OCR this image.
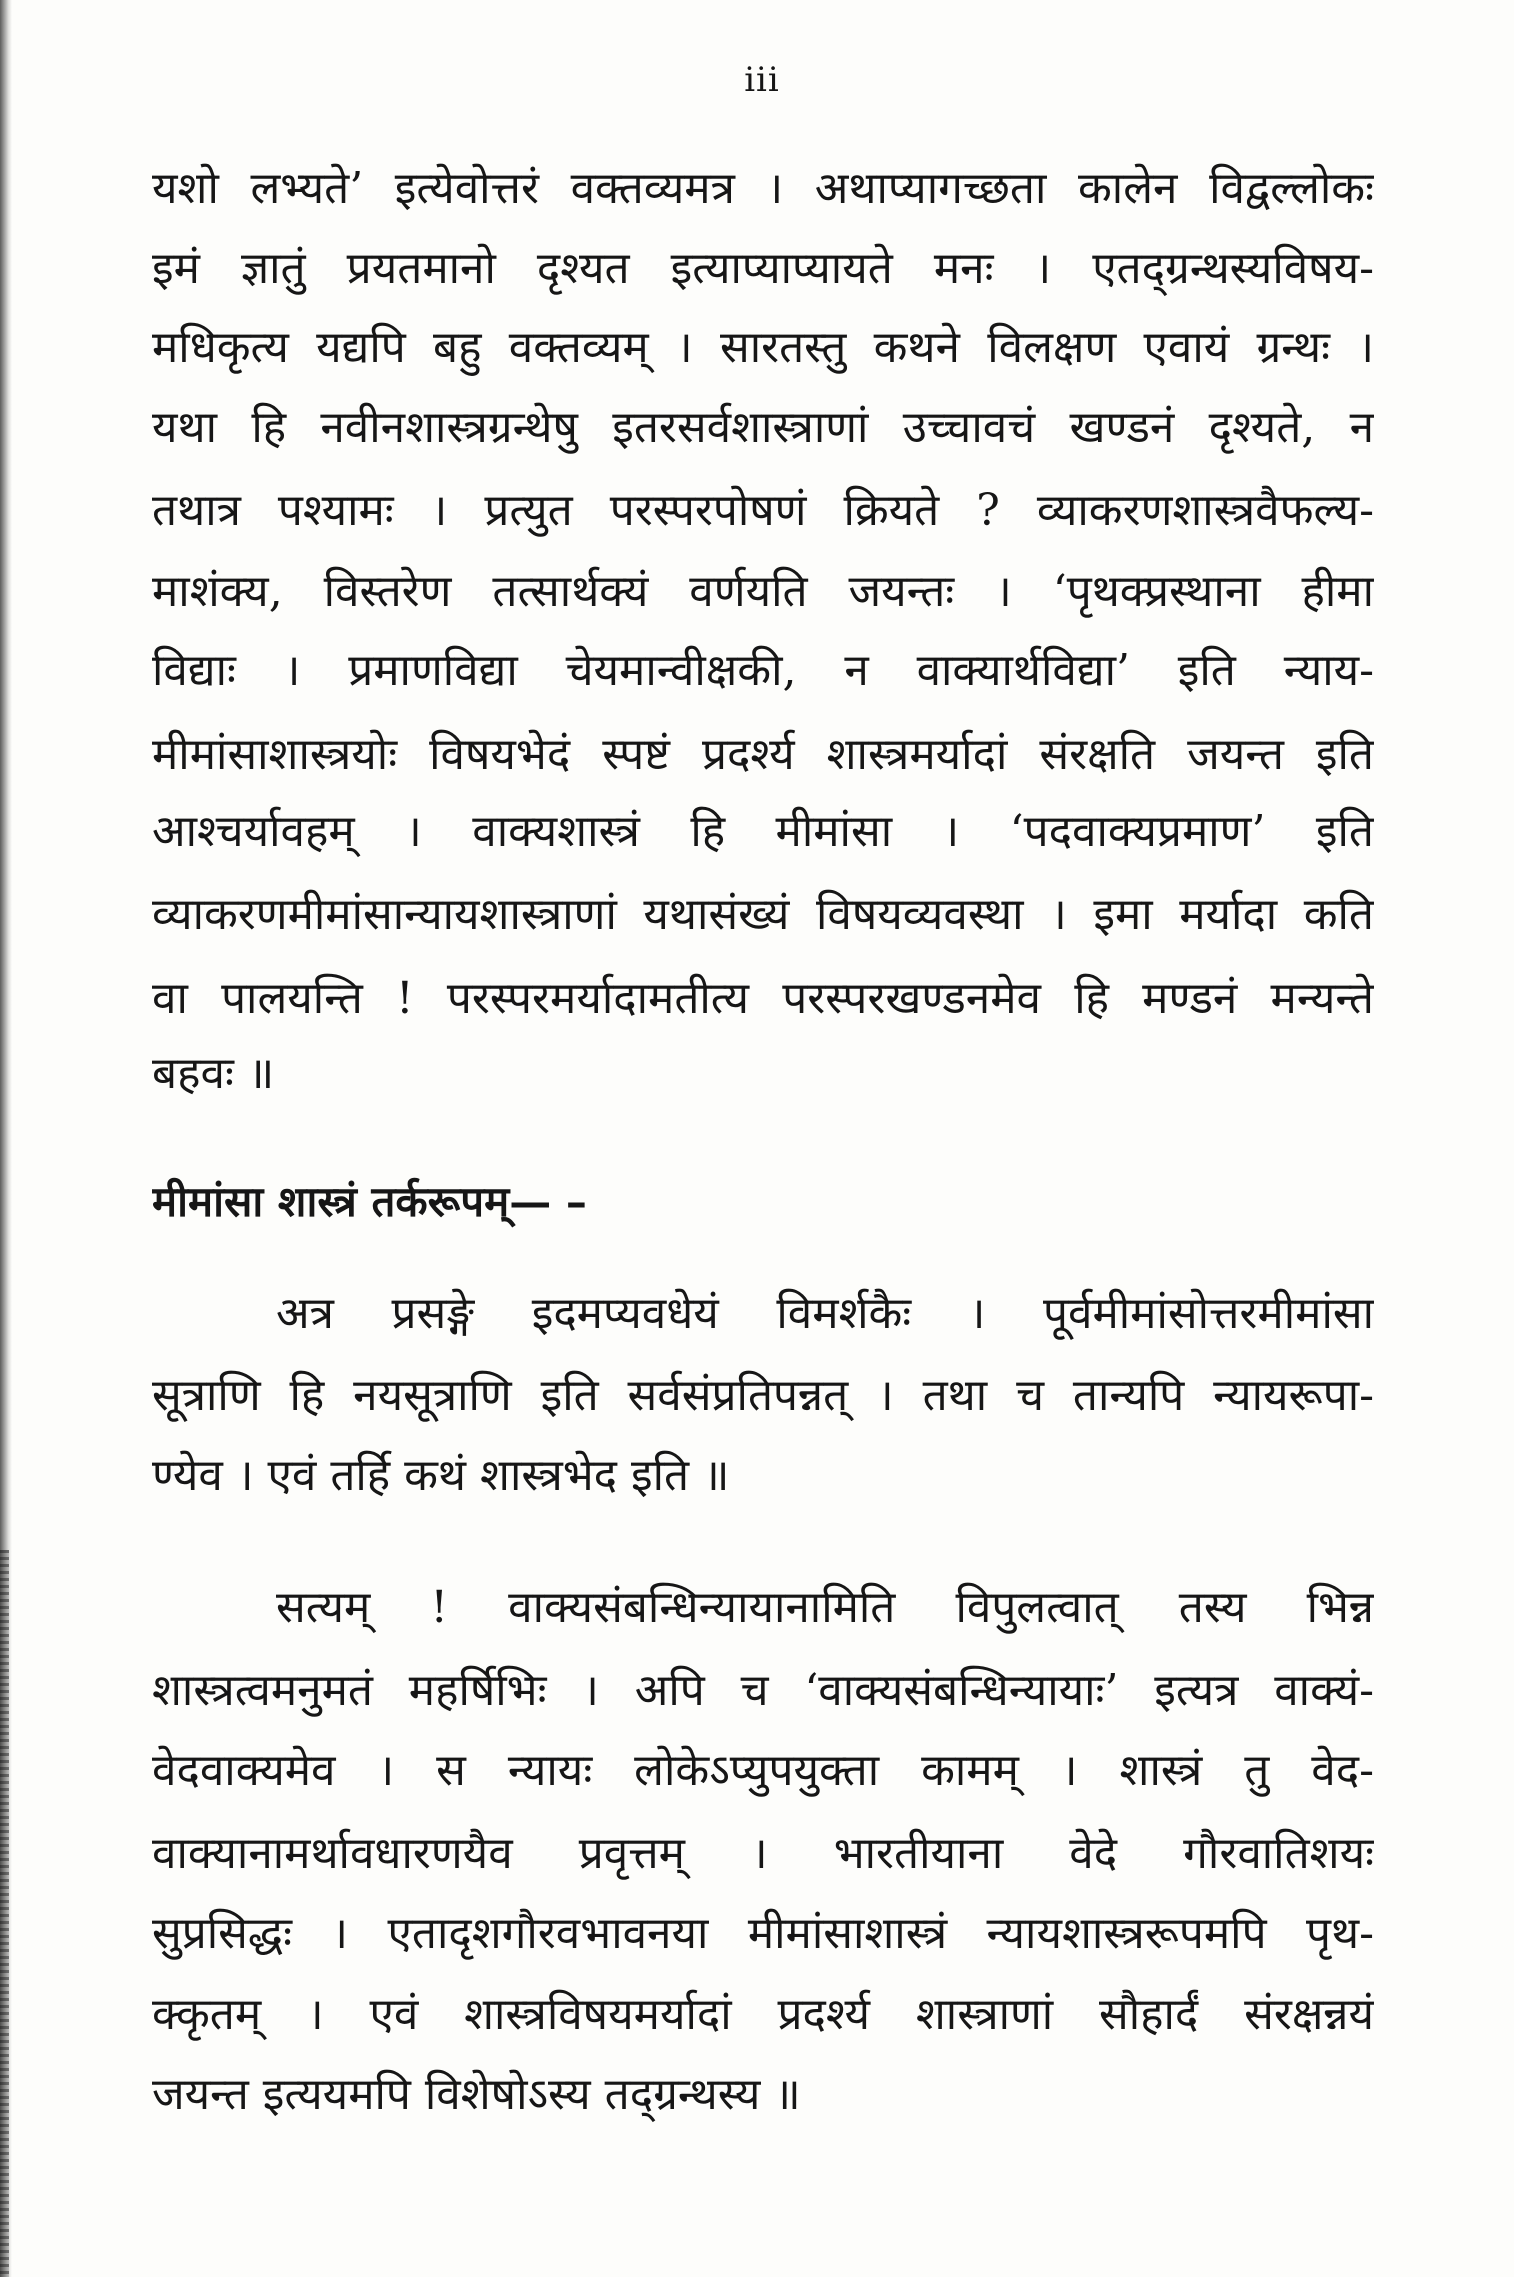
iii
यशो लभ्यते’ इत्येवोत्तरं वक्तव्यमत्र । अथाप्यागच्छता कालेन विद्वल्लोकः
इमं ज्ञातुं प्रयतमानो दृश्यत इत्याप्याप्यायते मनः । एतद्ग्रन्थस्यविषय-
मधिकृत्य यद्यपि बहु वक्तव्यम् । सारतस्तु कथने विलक्षण एवायं ग्रन्थः ।
यथा हि नवीनशास्त्रग्रन्थेषु इतरसर्वशास्त्राणां उच्चावचं खण्डनं दृश्यते, न
तथात्र पश्यामः । प्रत्युत परस्परपोषणं क्रियते ? व्याकरणशास्त्रवैफल्य-
माशंक्य, विस्तरेण तत्सार्थक्यं वर्णयति जयन्तः । ‘पृथक्प्रस्थाना हीमा
विद्याः । प्रमाणविद्या चेयमान्वीक्षकी, न वाक्यार्थविद्या’ इति न्याय-
मीमांसाशास्त्रयोः विषयभेदं स्पष्टं प्रदर्श्य शास्त्रमर्यादां संरक्षति जयन्त इति
आश्चर्यावहम् । वाक्यशास्त्रं हि मीमांसा । ‘पदवाक्यप्रमाण’ इति
व्याकरणमीमांसान्यायशास्त्राणां यथासंख्यं विषयव्यवस्था । इमा मर्यादा कति
वा पालयन्ति ! परस्परमर्यादामतीत्य परस्परखण्डनमेव हि मण्डनं मन्यन्ते
बहवः ॥
मीमांसा शास्त्रं तर्करूपम्— –
अत्र प्रसङ्गे इदमप्यवधेयं विमर्शकैः । पूर्वमीमांसोत्तरमीमांसा
सूत्राणि हि नयसूत्राणि इति सर्वसंप्रतिपन्नत् । तथा च तान्यपि न्यायरूपा-
ण्येव । एवं तर्हि कथं शास्त्रभेद इति ॥
सत्यम् ! वाक्यसंबन्धिन्यायानामिति विपुलत्वात् तस्य भिन्न
शास्त्रत्वमनुमतं महर्षिभिः । अपि च ‘वाक्यसंबन्धिन्यायाः’ इत्यत्र वाक्यं-
वेदवाक्यमेव । स न्यायः लोकेऽप्युपयुक्ता कामम् । शास्त्रं तु वेद-
वाक्यानामर्थावधारणयैव प्रवृत्तम् । भारतीयाना वेदे गौरवातिशयः
सुप्रसिद्धः । एतादृशगौरवभावनया मीमांसाशास्त्रं न्यायशास्त्ररूपमपि पृथ-
क्कृतम् । एवं शास्त्रविषयमर्यादां प्रदर्श्य शास्त्राणां सौहार्दं संरक्षन्नयं
जयन्त इत्ययमपि विशेषोऽस्य तद्ग्रन्थस्य ॥
